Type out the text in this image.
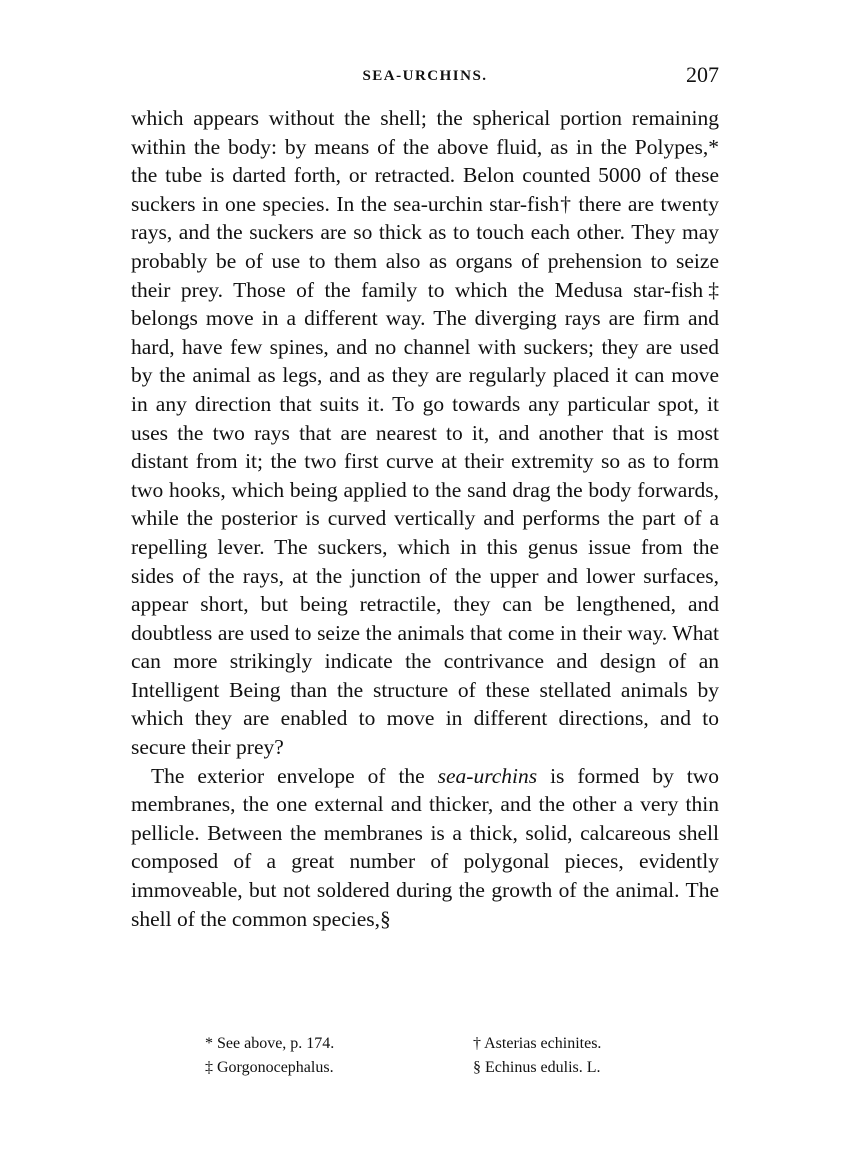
SEA-URCHINS.	207

which appears without the shell; the spherical portion remaining within the body: by means of the above fluid, as in the Polypes,* the tube is darted forth, or retracted. Belon counted 5000 of these suckers in one species. In the sea-urchin star-fish† there are twenty rays, and the suckers are so thick as to touch each other. They may probably be of use to them also as organs of prehension to seize their prey. Those of the family to which the Medusa star-fish‡ belongs move in a different way. The diverging rays are firm and hard, have few spines, and no channel with suckers; they are used by the animal as legs, and as they are regularly placed it can move in any direction that suits it. To go towards any particular spot, it uses the two rays that are nearest to it, and another that is most distant from it; the two first curve at their extremity so as to form two hooks, which being applied to the sand drag the body forwards, while the posterior is curved vertically and performs the part of a repelling lever. The suckers, which in this genus issue from the sides of the rays, at the junction of the upper and lower surfaces, appear short, but being retractile, they can be lengthened, and doubtless are used to seize the animals that come in their way. What can more strikingly indicate the contrivance and design of an Intelligent Being than the structure of these stellated animals by which they are enabled to move in different directions, and to secure their prey?

The exterior envelope of the sea-urchins is formed by two membranes, the one external and thicker, and the other a very thin pellicle. Between the membranes is a thick, solid, calcareous shell composed of a great number of polygonal pieces, evidently immoveable, but not soldered during the growth of the animal. The shell of the common species,§

* See above, p. 174.	† Asterias echinites.
‡ Gorgonocephalus.	§ Echinus edulis. L.
